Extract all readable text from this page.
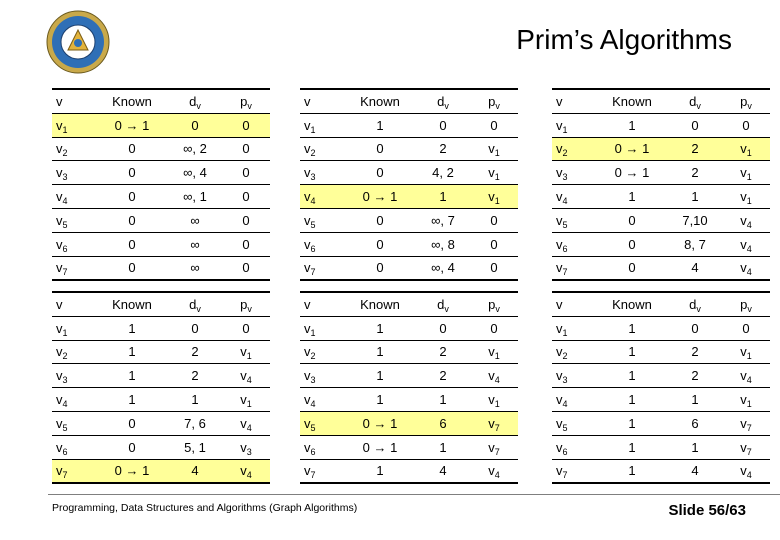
Prim’s Algorithms
v	Known	$d_v$	$p_v$
$v_1$	0 → 1	0	0
$v_2$	0	∞, 2	0
$v_3$	0	∞, 4	0
$v_4$	0	∞, 1	0
$v_5$	0	∞	0
$v_6$	0	∞	0
$v_7$	0	∞	0
v	Known	$d_v$	$p_v$
$v_1$	1	0	0
$v_2$	0	2	$v_1$
$v_3$	0	4, 2	$v_1$
$v_4$	0 → 1	1	$v_1$
$v_5$	0	∞, 7	0
$v_6$	0	∞, 8	0
$v_7$	0	∞, 4	0
v	Known	$d_v$	$p_v$
$v_1$	1	0	0
$v_2$	0 → 1	2	$v_1$
$v_3$	0 → 1	2	$v_1$
$v_4$	1	1	$v_1$
$v_5$	0	7,10	$v_4$
$v_6$	0	8, 7	$v_4$
$v_7$	0	4	$v_4$
v	Known	$d_v$	$p_v$
$v_1$	1	0	0
$v_2$	1	2	$v_1$
$v_3$	1	2	$v_4$
$v_4$	1	1	$v_1$
$v_5$	0	7, 6	$v_4$
$v_6$	0	5, 1	$v_3$
$v_7$	0 → 1	4	$v_4$
v	Known	$d_v$	$p_v$
$v_1$	1	0	0
$v_2$	1	2	$v_1$
$v_3$	1	2	$v_4$
$v_4$	1	1	$v_1$
$v_5$	0 → 1	6	$v_7$
$v_6$	0 → 1	1	$v_7$
$v_7$	1	4	$v_4$
v	Known	$d_v$	$p_v$
$v_1$	1	0	0
$v_2$	1	2	$v_1$
$v_3$	1	2	$v_4$
$v_4$	1	1	$v_1$
$v_5$	1	6	$v_7$
$v_6$	1	1	$v_7$
$v_7$	1	4	$v_4$
Programming, Data Structures and Algorithms (Graph Algorithms)	Slide 56/63
